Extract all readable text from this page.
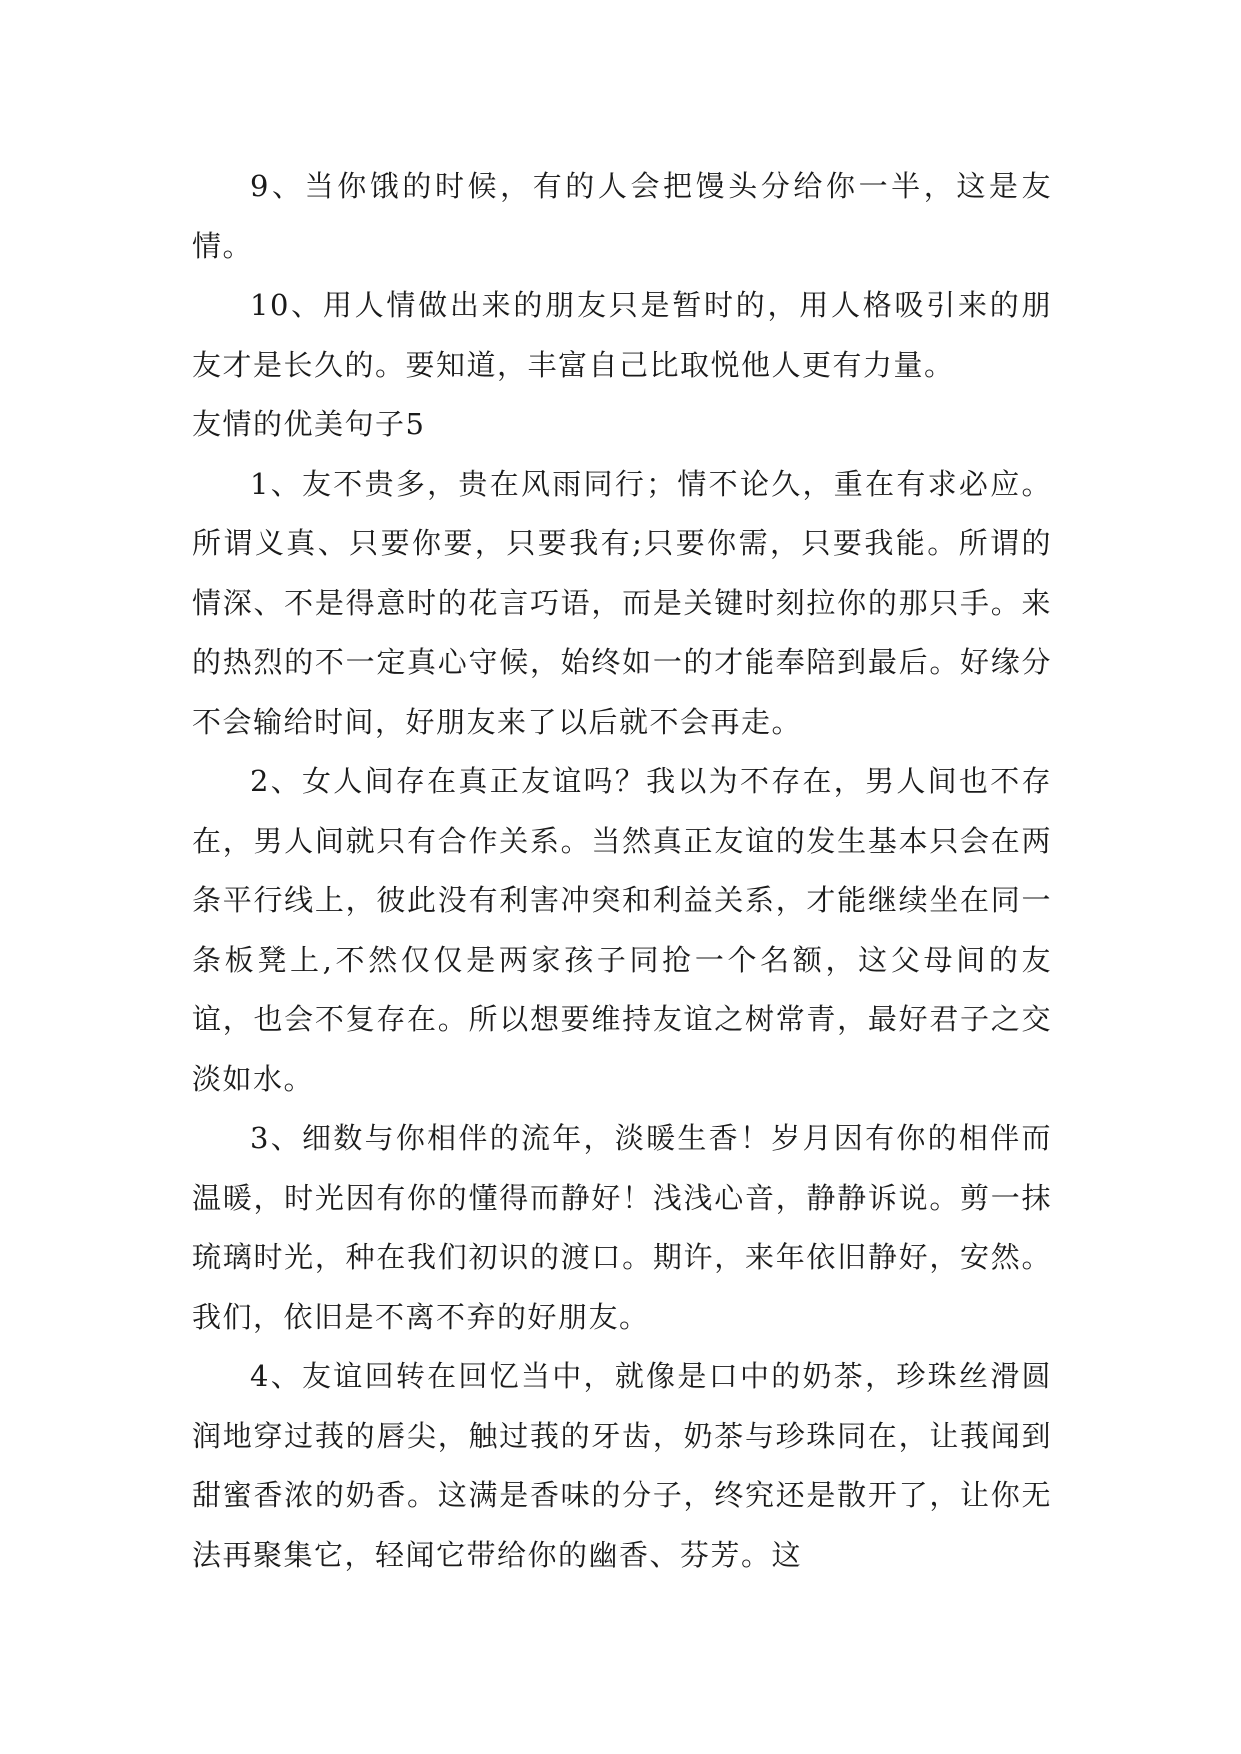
9、当你饿的时候，有的人会把馒头分给你一半，这是友情。

10、用人情做出来的朋友只是暂时的，用人格吸引来的朋友才是长久的。要知道，丰富自己比取悦他人更有力量。

友情的优美句子5

1、友不贵多，贵在风雨同行；情不论久，重在有求必应。所谓义真、只要你要，只要我有;只要你需，只要我能。所谓的情深、不是得意时的花言巧语，而是关键时刻拉你的那只手。来的热烈的不一定真心守候，始终如一的才能奉陪到最后。好缘分不会输给时间，好朋友来了以后就不会再走。

2、女人间存在真正友谊吗？我以为不存在，男人间也不存在，男人间就只有合作关系。当然真正友谊的发生基本只会在两条平行线上，彼此没有利害冲突和利益关系，才能继续坐在同一条板凳上,不然仅仅是两家孩子同抢一个名额，这父母间的友谊，也会不复存在。所以想要维持友谊之树常青，最好君子之交淡如水。

3、细数与你相伴的流年，淡暖生香！岁月因有你的相伴而温暖，时光因有你的懂得而静好！浅浅心音，静静诉说。剪一抹琉璃时光，种在我们初识的渡口。期许，来年依旧静好，安然。我们，依旧是不离不弃的好朋友。

4、友谊回转在回忆当中，就像是口中的奶茶，珍珠丝滑圆润地穿过莪的唇尖，触过莪的牙齿，奶茶与珍珠同在，让莪闻到甜蜜香浓的奶香。这满是香味的分子，终究还是散开了，让你无法再聚集它，轻闻它带给你的幽香、芬芳。这
